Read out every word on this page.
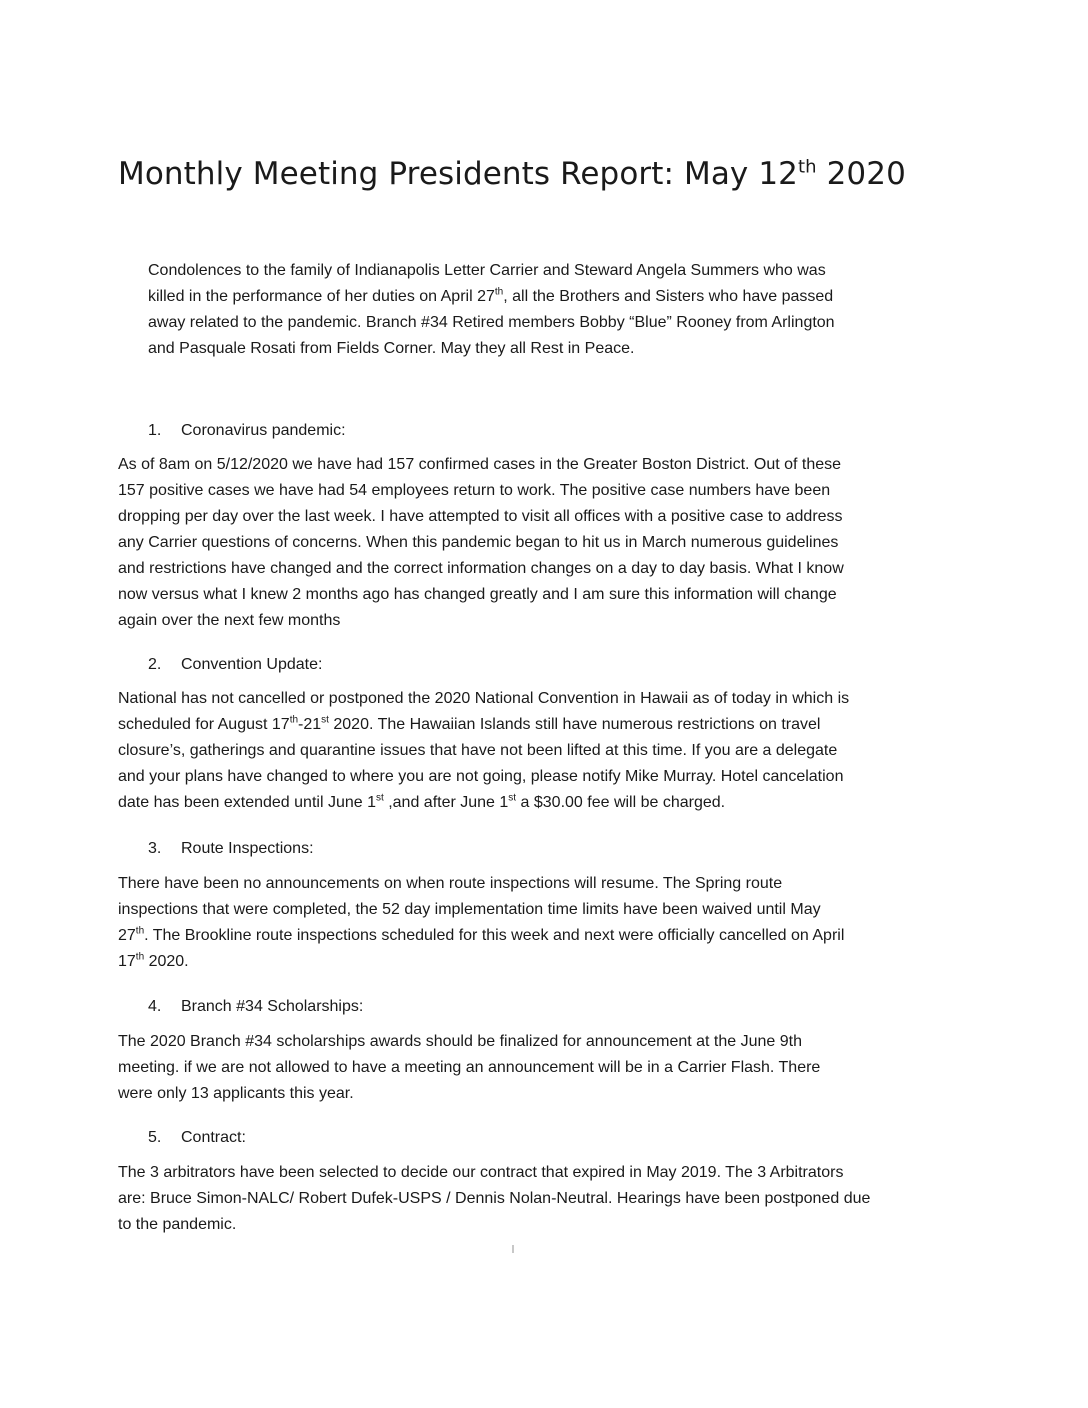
Monthly Meeting Presidents Report: May 12th 2020

Condolences to the family of Indianapolis Letter Carrier and Steward Angela Summers who was
killed in the performance of her duties on April 27th, all the Brothers and Sisters who have passed
away related to the pandemic. Branch #34 Retired members Bobby “Blue” Rooney from Arlington
and Pasquale Rosati from Fields Corner. May they all Rest in Peace.

1. Coronavirus pandemic:

As of 8am on 5/12/2020 we have had 157 confirmed cases in the Greater Boston District. Out of these
157 positive cases we have had 54 employees return to work. The positive case numbers have been
dropping per day over the last week. I have attempted to visit all offices with a positive case to address
any Carrier questions of concerns. When this pandemic began to hit us in March numerous guidelines
and restrictions have changed and the correct information changes on a day to day basis. What I know
now versus what I knew 2 months ago has changed greatly and I am sure this information will change
again over the next few months

2. Convention Update:

National has not cancelled or postponed the 2020 National Convention in Hawaii as of today in which is
scheduled for August 17th-21st 2020. The Hawaiian Islands still have numerous restrictions on travel
closure’s, gatherings and quarantine issues that have not been lifted at this time. If you are a delegate
and your plans have changed to where you are not going, please notify Mike Murray. Hotel cancelation
date has been extended until June 1st ,and after June 1st a $30.00 fee will be charged.

3. Route Inspections:

There have been no announcements on when route inspections will resume. The Spring route
inspections that were completed, the 52 day implementation time limits have been waived until May
27th. The Brookline route inspections scheduled for this week and next were officially cancelled on April
17th 2020.

4. Branch #34 Scholarships:

The 2020 Branch #34 scholarships awards should be finalized for announcement at the June 9th
meeting. if we are not allowed to have a meeting an announcement will be in a Carrier Flash. There
were only 13 applicants this year.

5. Contract:

The 3 arbitrators have been selected to decide our contract that expired in May 2019. The 3 Arbitrators
are: Bruce Simon-NALC/ Robert Dufek-USPS / Dennis Nolan-Neutral. Hearings have been postponed due
to the pandemic.
